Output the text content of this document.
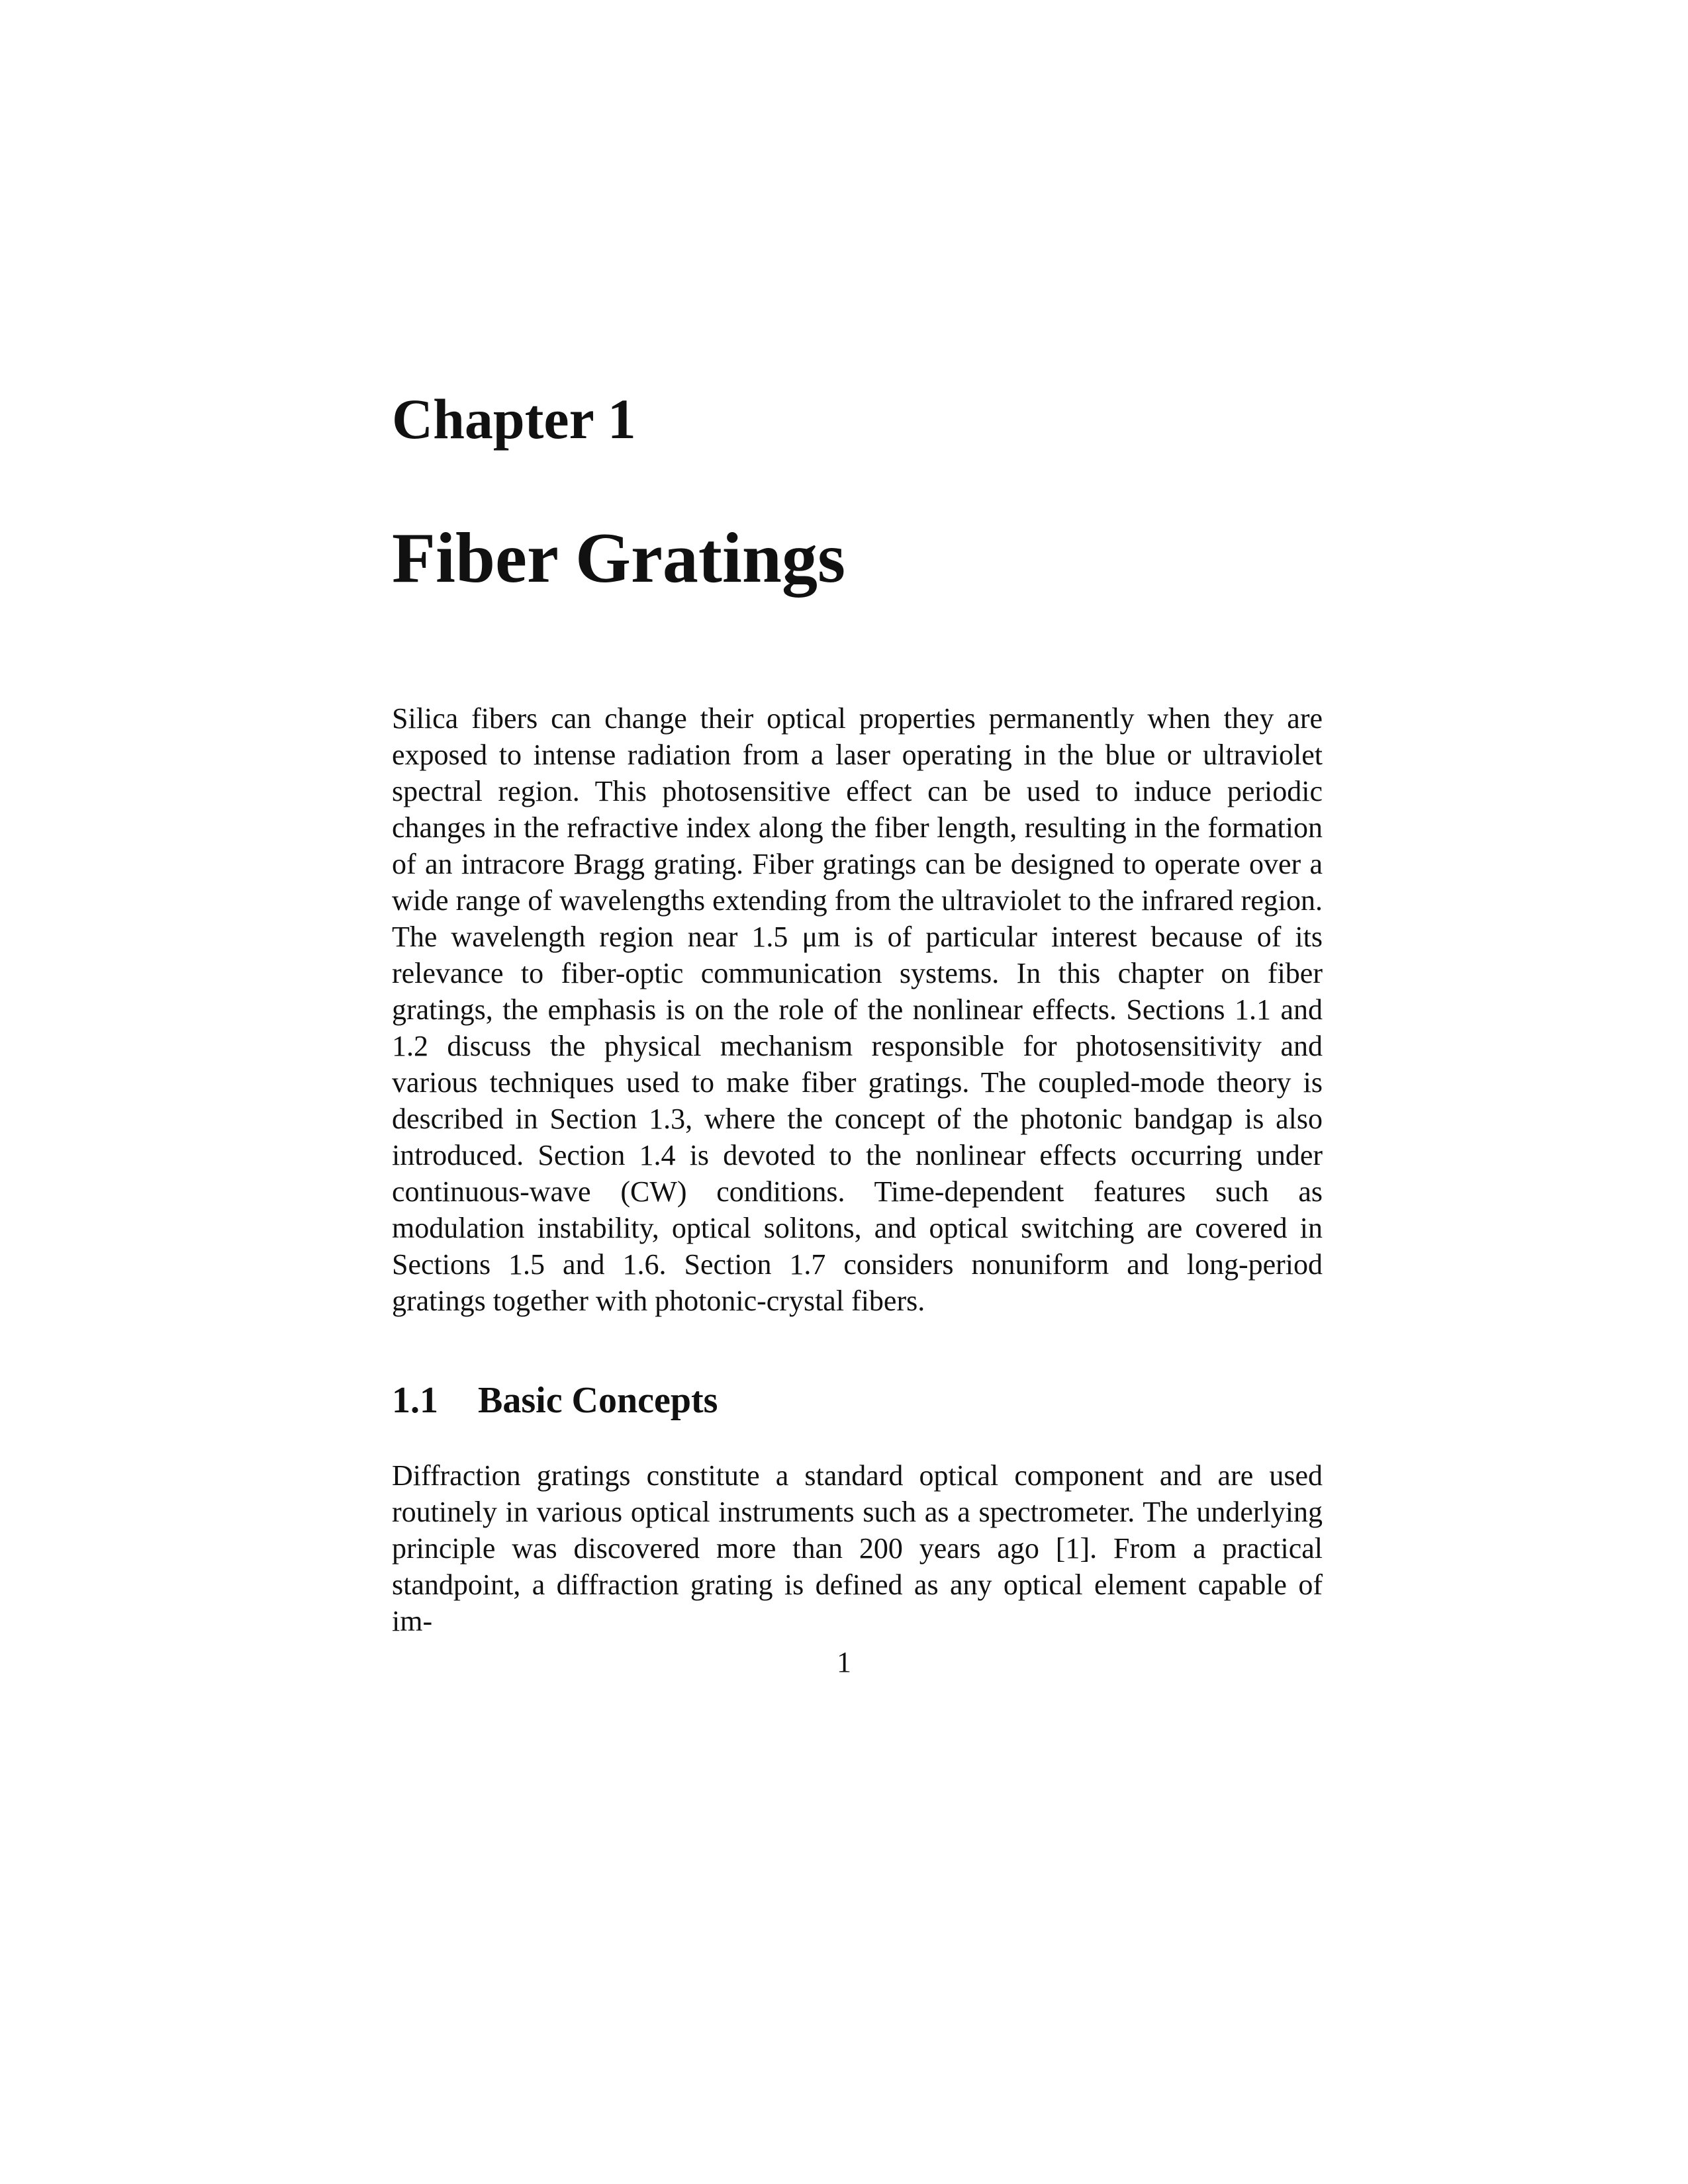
Chapter 1
Fiber Gratings

Silica fibers can change their optical properties permanently when they are exposed to intense radiation from a laser operating in the blue or ultraviolet spectral region. This photosensitive effect can be used to induce periodic changes in the refractive index along the fiber length, resulting in the formation of an intracore Bragg grating. Fiber gratings can be designed to operate over a wide range of wavelengths extending from the ultraviolet to the infrared region. The wavelength region near 1.5 μm is of particular interest because of its relevance to fiber-optic communication systems. In this chapter on fiber gratings, the emphasis is on the role of the nonlinear effects. Sections 1.1 and 1.2 discuss the physical mechanism responsible for photosensitivity and various techniques used to make fiber gratings. The coupled-mode theory is described in Section 1.3, where the concept of the photonic bandgap is also introduced. Section 1.4 is devoted to the nonlinear effects occurring under continuous-wave (CW) conditions. Time-dependent features such as modulation instability, optical solitons, and optical switching are covered in Sections 1.5 and 1.6. Section 1.7 considers nonuniform and long-period gratings together with photonic-crystal fibers.

1.1 Basic Concepts

Diffraction gratings constitute a standard optical component and are used routinely in various optical instruments such as a spectrometer. The underlying principle was discovered more than 200 years ago [1]. From a practical standpoint, a diffraction grating is defined as any optical element capable of im-

1
